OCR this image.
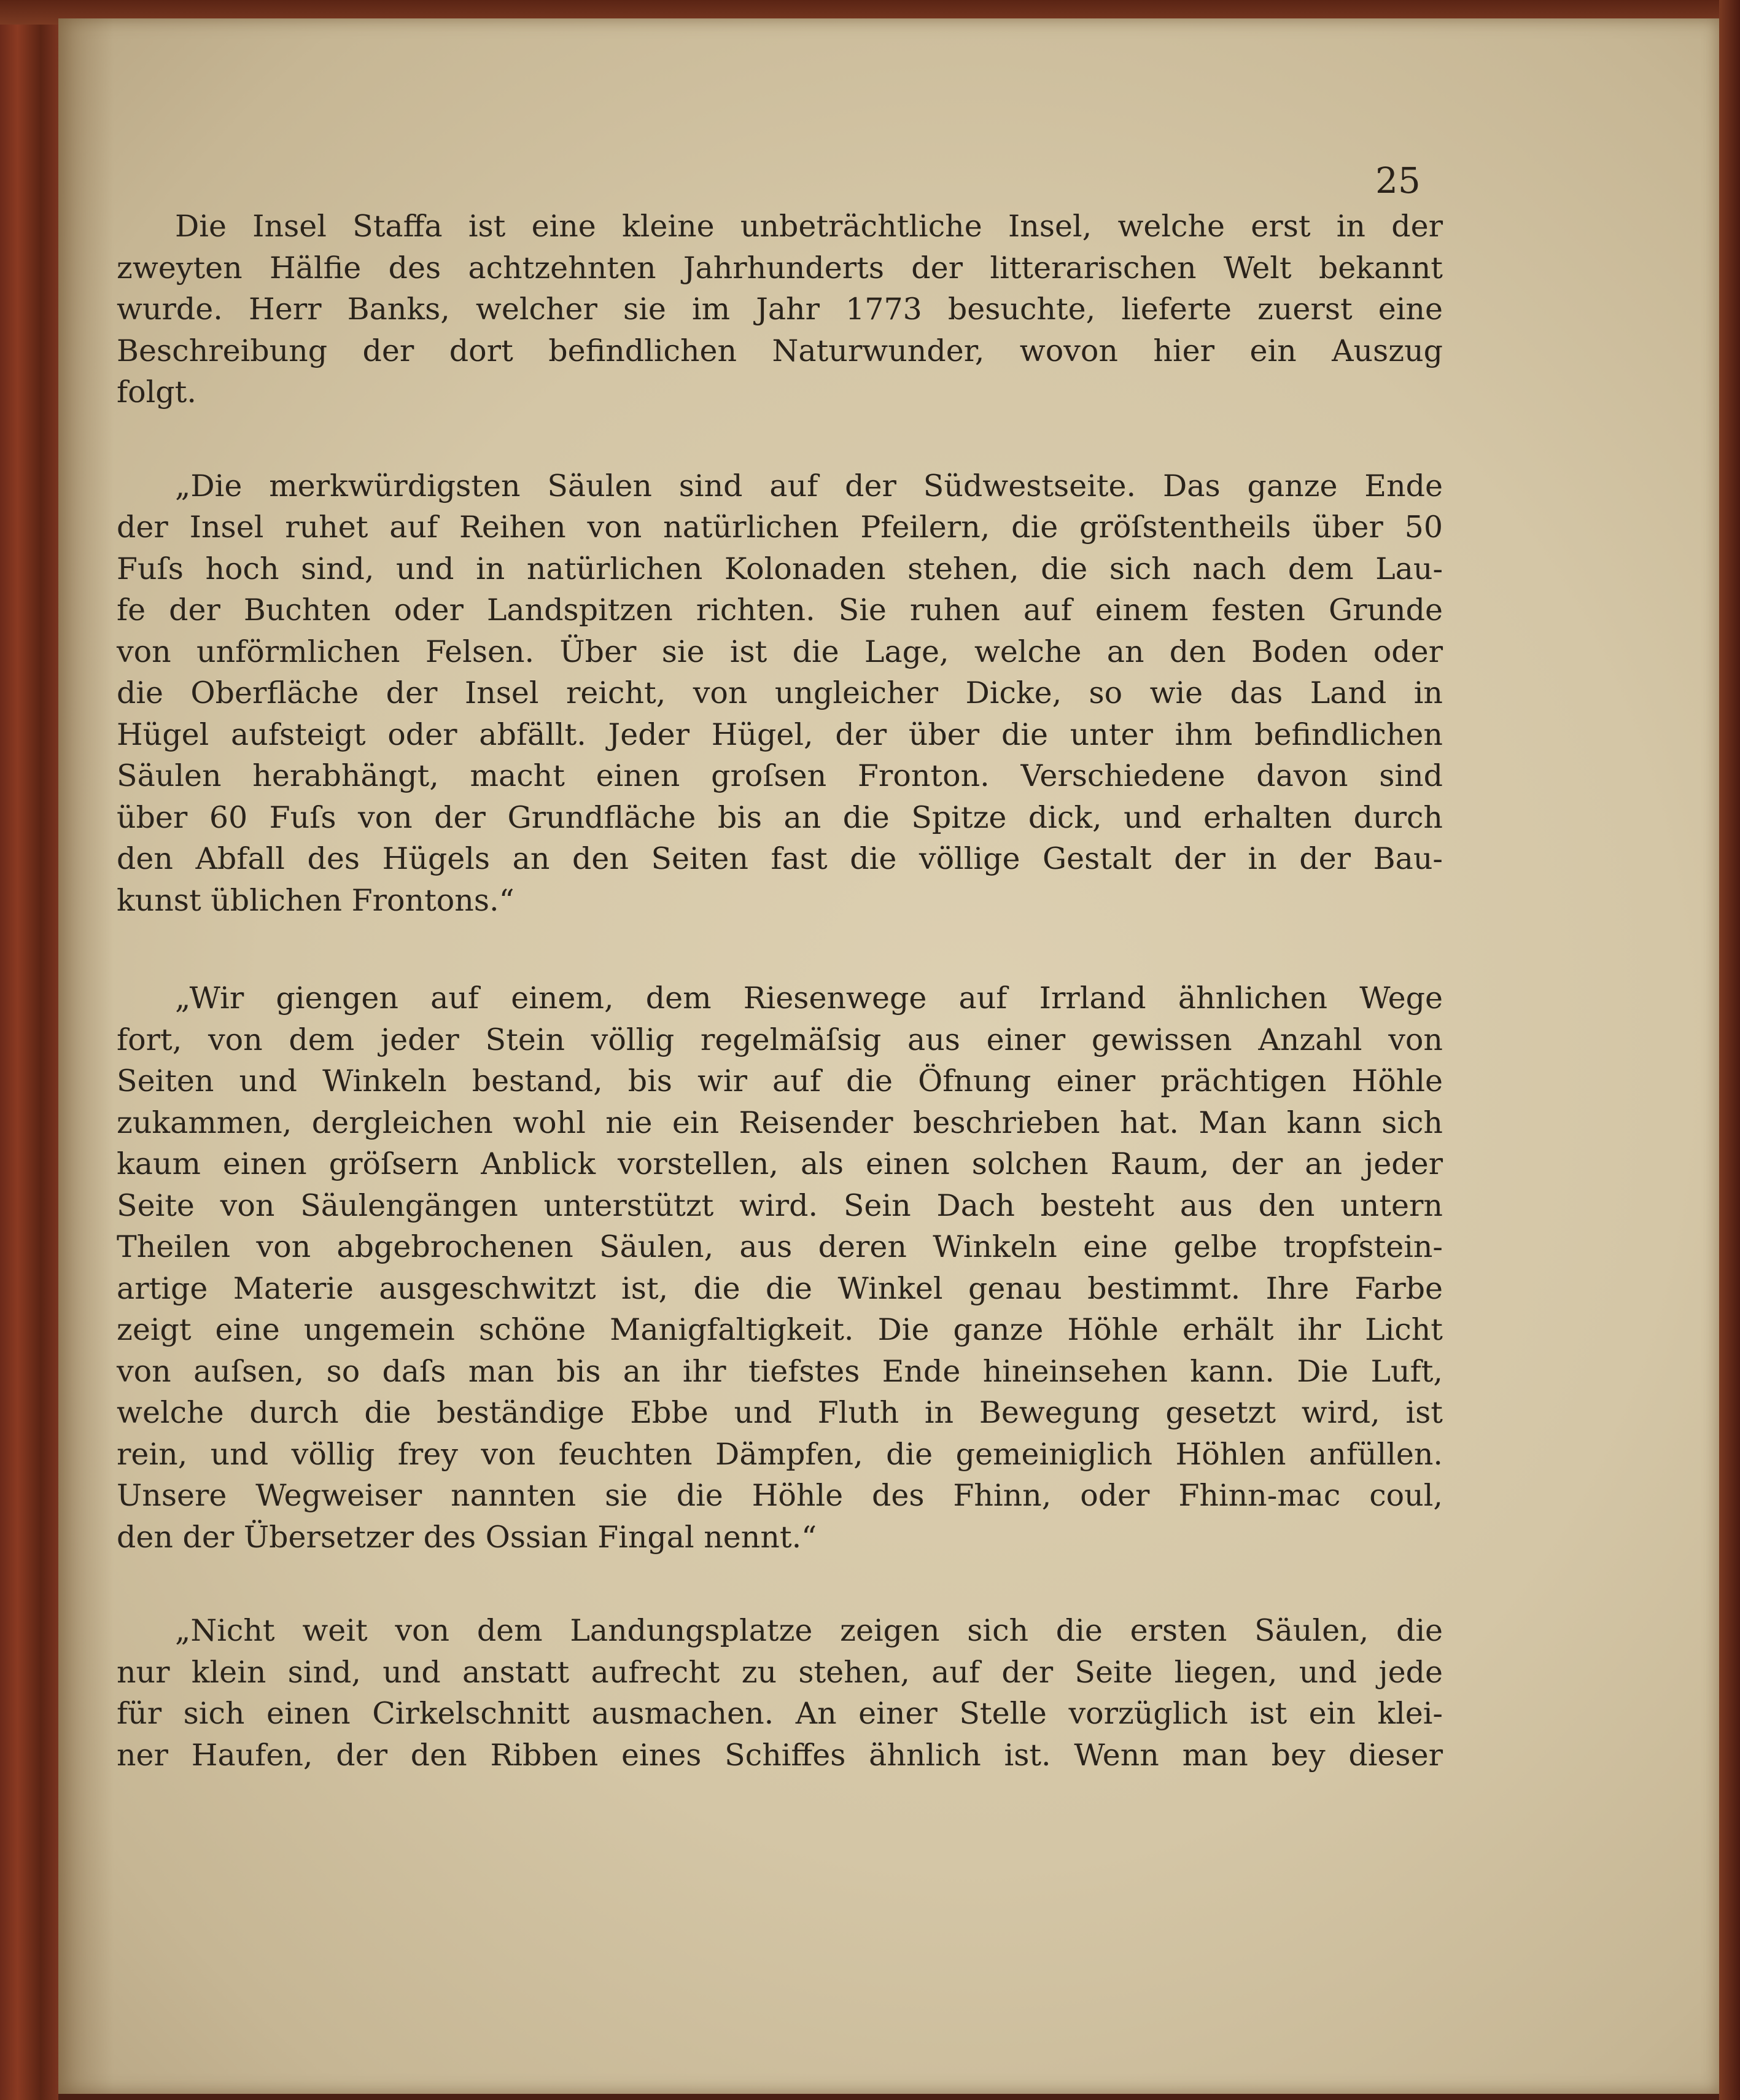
25
Die Insel Staffa ist eine kleine unbeträchtliche Insel, welche erst in der
zweyten Hälfie des achtzehnten Jahrhunderts der litterarischen Welt bekannt
wurde. Herr Banks, welcher sie im Jahr 1773 besuchte, lieferte zuerst eine
Beschreibung der dort befindlichen Naturwunder, wovon hier ein Auszug
folgt.
„Die merkwürdigsten Säulen sind auf der Südwestseite. Das ganze Ende
der Insel ruhet auf Reihen von natürlichen Pfeilern, die gröſstentheils über 50
Fuſs hoch sind, und in natürlichen Kolonaden stehen, die sich nach dem Lau-
fe der Buchten oder Landspitzen richten. Sie ruhen auf einem festen Grunde
von unförmlichen Felsen. Über sie ist die Lage, welche an den Boden oder
die Oberfläche der Insel reicht, von ungleicher Dicke, so wie das Land in
Hügel aufsteigt oder abfällt. Jeder Hügel, der über die unter ihm befindlichen
Säulen herabhängt, macht einen groſsen Fronton. Verschiedene davon sind
über 60 Fuſs von der Grundfläche bis an die Spitze dick, und erhalten durch
den Abfall des Hügels an den Seiten fast die völlige Gestalt der in der Bau-
kunst üblichen Frontons.“
„Wir giengen auf einem, dem Riesenwege auf Irrland ähnlichen Wege
fort, von dem jeder Stein völlig regelmäſsig aus einer gewissen Anzahl von
Seiten und Winkeln bestand, bis wir auf die Öfnung einer prächtigen Höhle
zukammen, dergleichen wohl nie ein Reisender beschrieben hat. Man kann sich
kaum einen gröſsern Anblick vorstellen, als einen solchen Raum, der an jeder
Seite von Säulengängen unterstützt wird. Sein Dach besteht aus den untern
Theilen von abgebrochenen Säulen, aus deren Winkeln eine gelbe tropfstein-
artige Materie ausgeschwitzt ist, die die Winkel genau bestimmt. Ihre Farbe
zeigt eine ungemein schöne Manigfaltigkeit. Die ganze Höhle erhält ihr Licht
von auſsen, so daſs man bis an ihr tiefstes Ende hineinsehen kann. Die Luft,
welche durch die beständige Ebbe und Fluth in Bewegung gesetzt wird, ist
rein, und völlig frey von feuchten Dämpfen, die gemeiniglich Höhlen anfüllen.
Unsere Wegweiser nannten sie die Höhle des Fhinn, oder Fhinn-mac coul,
den der Übersetzer des Ossian Fingal nennt.“
„Nicht weit von dem Landungsplatze zeigen sich die ersten Säulen, die
nur klein sind, und anstatt aufrecht zu stehen, auf der Seite liegen, und jede
für sich einen Cirkelschnitt ausmachen. An einer Stelle vorzüglich ist ein klei-
ner Haufen, der den Ribben eines Schiffes ähnlich ist. Wenn man bey dieser
